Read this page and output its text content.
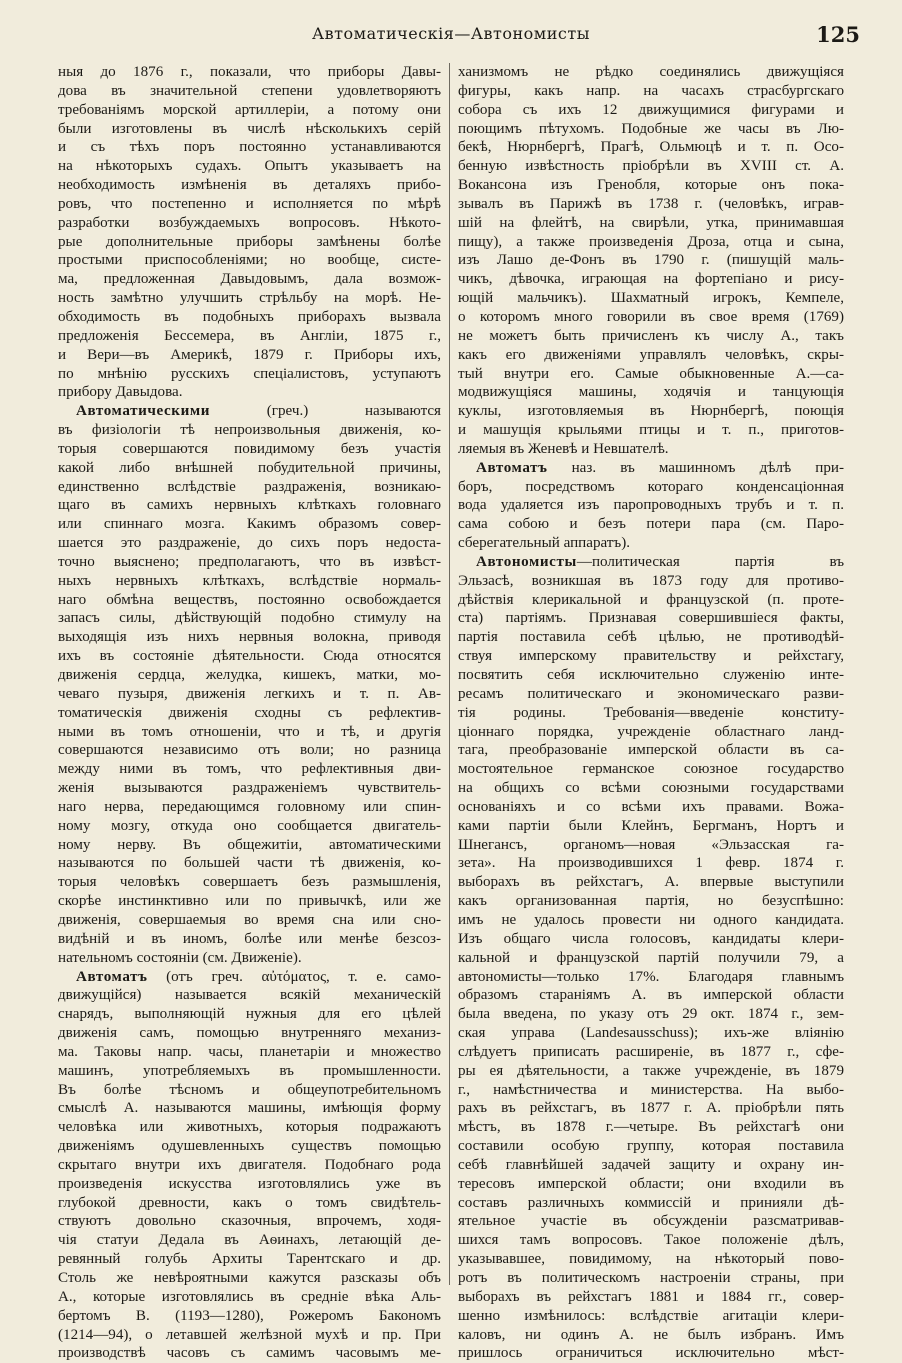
Автоматическiя—Автономисты	125
ныя до 1876 г., показали, что приборы Давы-
дова въ значительной степени удовлетворяютъ
требованiямъ морской артиллерiи, а потому они
были изготовлены въ числѣ нѣсколькихъ серiй
и съ тѣхъ поръ постоянно устанавливаются
на нѣкоторыхъ судахъ. Опытъ указываетъ на
необходимость измѣненiя въ деталяхъ прибо-
ровъ, что постепенно и исполняется по мѣрѣ
разработки возбуждаемыхъ вопросовъ. Нѣкото-
рые дополнительные приборы замѣнены болѣе
простыми приспособленiями; но вообще, систе-
ма, предложенная Давыдовымъ, дала возмож-
ность замѣтно улучшить стрѣльбу на морѣ. Не-
обходимость въ подобныхъ приборахъ вызвала
предложенiя Бессемера, въ Англiи, 1875 г.,
и Вери—въ Америкѣ, 1879 г. Приборы ихъ,
по мнѣнiю русскихъ спецiалистовъ, уступаютъ
прибору Давыдова.
Автоматическими (греч.) называются
въ физiологiи тѣ непроизвольныя движенiя, ко-
торыя совершаются повидимому безъ участiя
какой либо внѣшней побудительной причины,
единственно вслѣдствiе раздраженiя, возникаю-
щаго въ самихъ нервныхъ клѣткахъ головнаго
или спиннаго мозга. Какимъ образомъ совер-
шается это раздраженiе, до сихъ поръ недоста-
точно выяснено; предполагаютъ, что въ извѣст-
ныхъ нервныхъ клѣткахъ, вслѣдствiе нормаль-
наго обмѣна веществъ, постоянно освобождается
запасъ силы, дѣйствующiй подобно стимулу на
выходящiя изъ нихъ нервныя волокна, приводя
ихъ въ состоянiе дѣятельности. Сюда относятся
движенiя сердца, желудка, кишекъ, матки, мо-
чеваго пузыря, движенiя легкихъ и т. п. Ав-
томатическiя движенiя сходны съ рефлектив-
ными въ томъ отношенiи, что и тѣ, и другiя
совершаются независимо отъ воли; но разница
между ними въ томъ, что рефлективныя дви-
женiя вызываются раздраженiемъ чувствитель-
наго нерва, передающимся головному или спин-
ному мозгу, откуда оно сообщается двигатель-
ному нерву. Въ общежитiи, автоматическими
называются по большей части тѣ движенiя, ко-
торыя человѣкъ совершаетъ безъ размышленiя,
скорѣе инстинктивно или по привычкѣ, или же
движенiя, совершаемыя во время сна или сно-
видѣнiй и въ иномъ, болѣе или менѣе безсоз-
нательномъ состоянiи (см. Движенiе).
Автоматъ (отъ греч. αὐτόματος, т. е. само-
движущiйся) называется всякiй механическiй
снарядъ, выполняющiй нужныя для его цѣлей
движенiя самъ, помощью внутренняго механиз-
ма. Таковы напр. часы, планетарiи и множество
машинъ, употребляемыхъ въ промышленности.
Въ болѣе тѣсномъ и общеупотребительномъ
смыслѣ А. называются машины, имѣющiя форму
человѣка или животныхъ, которыя подражаютъ
движенiямъ одушевленныхъ существъ помощью
скрытаго внутри ихъ двигателя. Подобнаго рода
произведенiя искусства изготовлялись уже въ
глубокой древности, какъ о томъ свидѣтель-
ствуютъ довольно сказочныя, впрочемъ, ходя-
чiя статуи Дедала въ Аѳинахъ, летающiй де-
ревянный голубь Архиты Тарентскаго и др.
Столь же невѣроятными кажутся разсказы объ
А., которые изготовлялись въ средніе вѣка Аль-
бертомъ В. (1193—1280), Рожеромъ Бакономъ
(1214—94), о летавшей желѣзной мухѣ и пр. При
производствѣ часовъ съ самимъ часовымъ ме-
ханизмомъ не рѣдко соединялись движущiяся
фигуры, какъ напр. на часахъ страсбургскаго
собора съ ихъ 12 движущимися фигурами и
поющимъ пѣтухомъ. Подобные же часы въ Лю-
бекѣ, Нюрнбергѣ, Прагѣ, Ольмюцѣ и т. п. Осо-
бенную извѣстность прiобрѣли въ XVIII ст. А.
Вокансона изъ Гренобля, которые онъ пока-
зывалъ въ Парижѣ въ 1738 г. (человѣкъ, играв-
шiй на флейтѣ, на свирѣли, утка, принимавшая
пищу), а также произведенiя Дроза, отца и сына,
изъ Лашо де-Фонъ въ 1790 г. (пишущiй маль-
чикъ, дѣвочка, играющая на фортепiано и рису-
ющiй мальчикъ). Шахматный игрокъ, Кемпеле,
о которомъ много говорили въ свое время (1769)
не можетъ быть причисленъ къ числу А., такъ
какъ его движенiями управлялъ человѣкъ, скры-
тый внутри его. Самые обыкновенные А.—са-
модвижущiяся машины, ходячiя и танцующiя
куклы, изготовляемыя въ Нюрнбергѣ, поющiя
и машущiя крыльями птицы и т. п., приготов-
ляемыя въ Женевѣ и Невшателѣ.
Автоматъ наз. въ машинномъ дѣлѣ при-
боръ, посредствомъ котораго конденсацiонная
вода удаляется изъ паропроводныхъ трубъ и т. п.
сама собою и безъ потери пара (см. Паро-
сберегательный аппаратъ).
Автономисты—политическая партiя въ
Эльзасѣ, возникшая въ 1873 году для противо-
дѣйствiя клерикальной и французской (п. проте-
ста) партiямъ. Признавая совершившiеся факты,
партiя поставила себѣ цѣлью, не противодѣй-
ствуя имперскому правительству и рейхстагу,
посвятить себя исключительно служенiю инте-
ресамъ политическаго и экономическаго разви-
тiя родины. Требованiя—введенiе конститу-
цiоннаго порядка, учрежденiе областнаго ланд-
тага, преобразованiе имперской области въ са-
мостоятельное германское союзное государство
на общихъ со всѣми союзными государствами
основанiяхъ и со всѣми ихъ правами. Вожа-
ками партiи были Клейнъ, Бергманъ, Нортъ и
Шнегансъ, органомъ—новая «Эльзасская га-
зета». На производившихся 1 февр. 1874 г.
выборахъ въ рейхстагъ, А. впервые выступили
какъ организованная партiя, но безуспѣшно:
имъ не удалось провести ни одного кандидата.
Изъ общаго числа голосовъ, кандидаты клери-
кальной и французской партiй получили 79, а
автономисты—только 17%. Благодаря главнымъ
образомъ старанiямъ А. въ имперской области
была введена, по указу отъ 29 окт. 1874 г., зем-
ская управа (Landesausschuss); ихъ-же влiянiю
слѣдуетъ приписать расширенiе, въ 1877 г., сфе-
ры ея дѣятельности, а также учрежденiе, въ 1879
г., намѣстничества и министерства. На выбо-
рахъ въ рейхстагъ, въ 1877 г. А. прiобрѣли пять
мѣстъ, въ 1878 г.—четыре. Въ рейхстагѣ они
составили особую группу, которая поставила
себѣ главнѣйшей задачей защиту и охрану ин-
тересовъ имперской области; они входили въ
составъ различныхъ коммиссiй и принияли дѣ-
ятельное участiе въ обсужденiи разсматривав-
шихся тамъ вопросовъ. Такое положенiе дѣлъ,
указывавшее, повидимому, на нѣкоторый пово-
ротъ въ политическомъ настроенiи страны, при
выборахъ въ рейхстагъ 1881 и 1884 гг., совер-
шенно измѣнилось: вслѣдствiе агитацiи клери-
каловъ, ни одинъ А. не былъ избранъ. Имъ
пришлось ограничиться исключительно мѣст-
